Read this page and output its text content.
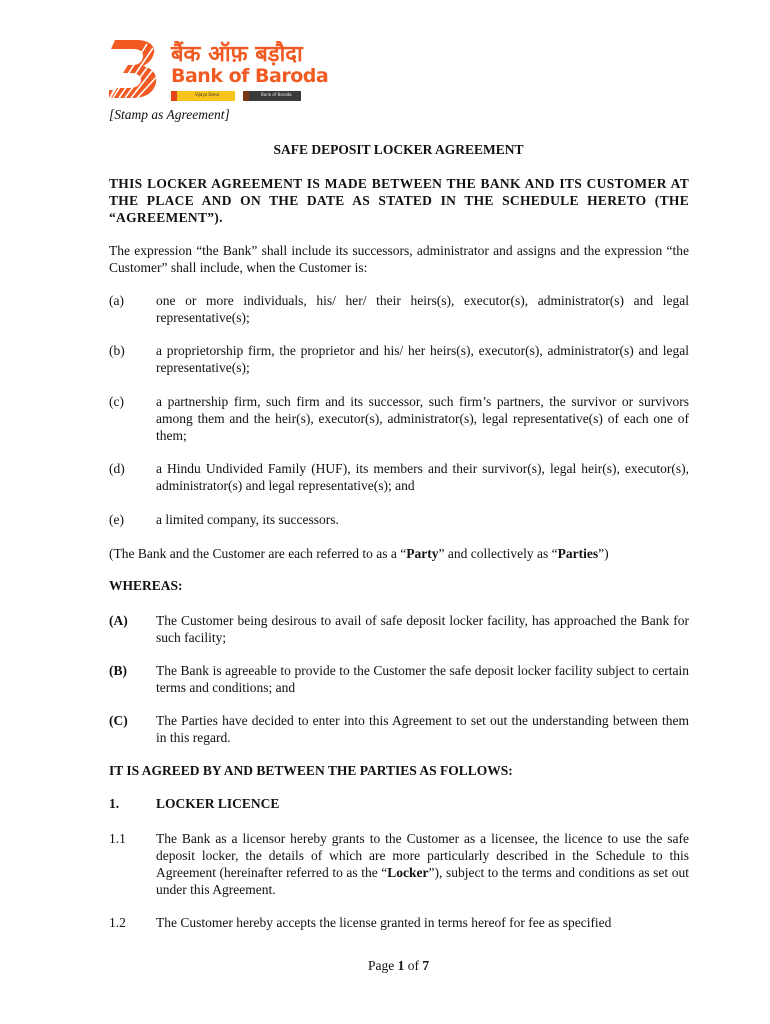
बैंक ऑफ़ बड़ौदा
Bank of Baroda
Vijaya Dena	Bank of Baroda
[Stamp as Agreement]
SAFE DEPOSIT LOCKER AGREEMENT
THIS LOCKER AGREEMENT IS MADE BETWEEN THE BANK AND ITS CUSTOMER AT THE PLACE AND ON THE DATE AS STATED IN THE SCHEDULE HERETO (THE “AGREEMENT”).
The expression “the Bank” shall include its successors, administrator and assigns and the expression “the Customer” shall include, when the Customer is:
(a) one or more individuals, his/ her/ their heirs(s), executor(s), administrator(s) and legal representative(s);
(b) a proprietorship firm, the proprietor and his/ her heirs(s), executor(s), administrator(s) and legal representative(s);
(c) a partnership firm, such firm and its successor, such firm’s partners, the survivor or survivors among them and the heir(s), executor(s), administrator(s), legal representative(s) of each one of them;
(d) a Hindu Undivided Family (HUF), its members and their survivor(s), legal heir(s), executor(s), administrator(s) and legal representative(s); and
(e) a limited company, its successors.
(The Bank and the Customer are each referred to as a “Party” and collectively as “Parties”)
WHEREAS:
(A) The Customer being desirous to avail of safe deposit locker facility, has approached the Bank for such facility;
(B) The Bank is agreeable to provide to the Customer the safe deposit locker facility subject to certain terms and conditions; and
(C) The Parties have decided to enter into this Agreement to set out the understanding between them in this regard.
IT IS AGREED BY AND BETWEEN THE PARTIES AS FOLLOWS:
1.	LOCKER LICENCE
1.1 The Bank as a licensor hereby grants to the Customer as a licensee, the licence to use the safe deposit locker, the details of which are more particularly described in the Schedule to this Agreement (hereinafter referred to as the “Locker”), subject to the terms and conditions as set out under this Agreement.
1.2 The Customer hereby accepts the license granted in terms hereof for fee as specified
Page 1 of 7
